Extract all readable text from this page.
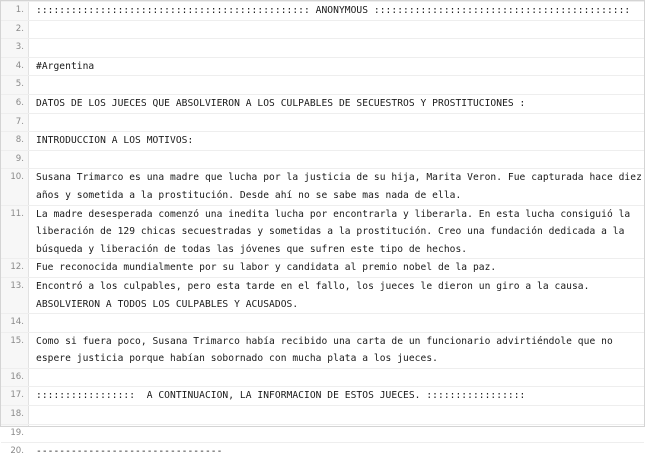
1.	::::::::::::::::::::::::::::::::::::::::::::::: ANONYMOUS ::::::::::::::::::::::::::::::::::::::::::::
2.
3.
4.	#Argentina
5.
6.	DATOS DE LOS JUECES QUE ABSOLVIERON A LOS CULPABLES DE SECUESTROS Y PROSTITUCIONES :
7.
8.	INTRODUCCION A LOS MOTIVOS:
9.
10.	Susana Trimarco es una madre que lucha por la justicia de su hija, Marita Veron. Fue capturada hace diez
años y sometida a la prostitución. Desde ahí no se sabe mas nada de ella.
11.	La madre desesperada comenzó una inedita lucha por encontrarla y liberarla. En esta lucha consiguió la
liberación de 129 chicas secuestradas y sometidas a la prostitución. Creo una fundación dedicada a la
búsqueda y liberación de todas las jóvenes que sufren este tipo de hechos.
12.	Fue reconocida mundialmente por su labor y candidata al premio nobel de la paz.
13.	Encontró a los culpables, pero esta tarde en el fallo, los jueces le dieron un giro a la causa.
ABSOLVIERON A TODOS LOS CULPABLES Y ACUSADOS.
14.
15.	Como si fuera poco, Susana Trimarco había recibido una carta de un funcionario advirtiéndole que no
espere justicia porque habían sobornado con mucha plata a los jueces.
16.
17.	:::::::::::::::::  A CONTINUACION, LA INFORMACION DE ESTOS JUECES. :::::::::::::::::
18.
19.
20.	--------------------------------
